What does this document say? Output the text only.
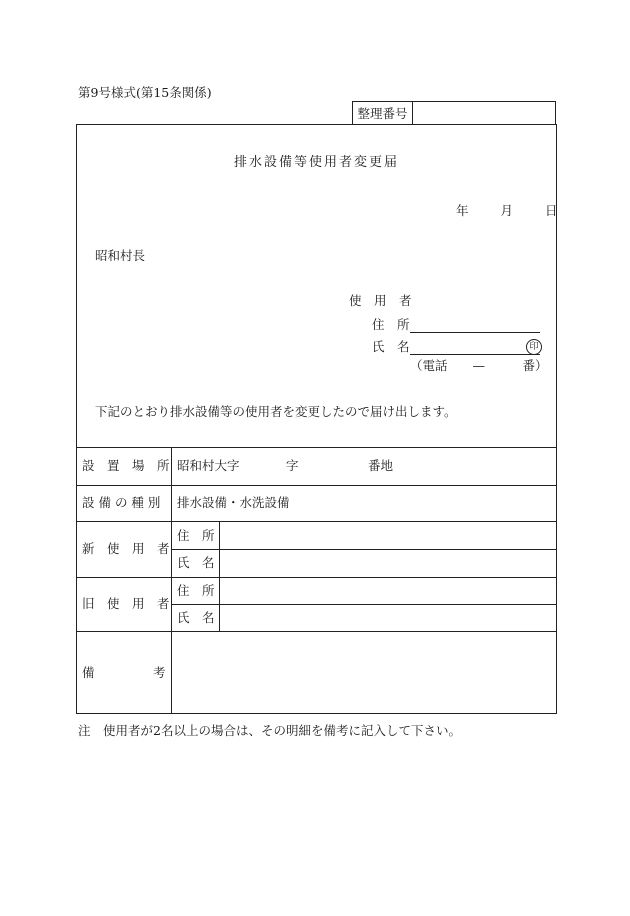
第9号様式(第15条関係)
整理番号
排水設備等使用者変更届
年	月	日
昭和村長
使　用　者
住　所
氏　名	印
（電話　　—　　　番）
下記のとおり排水設備等の使用者を変更したので届け出します。
設　置　場　所 昭和村大字	字	番地
設 備 の 種 別 排水設備・水洗設備
新　使　用　者
住　所
氏　名
旧　使　用　者
住　所
氏　名
備	考
注　使用者が2名以上の場合は、その明細を備考に記入して下さい。
